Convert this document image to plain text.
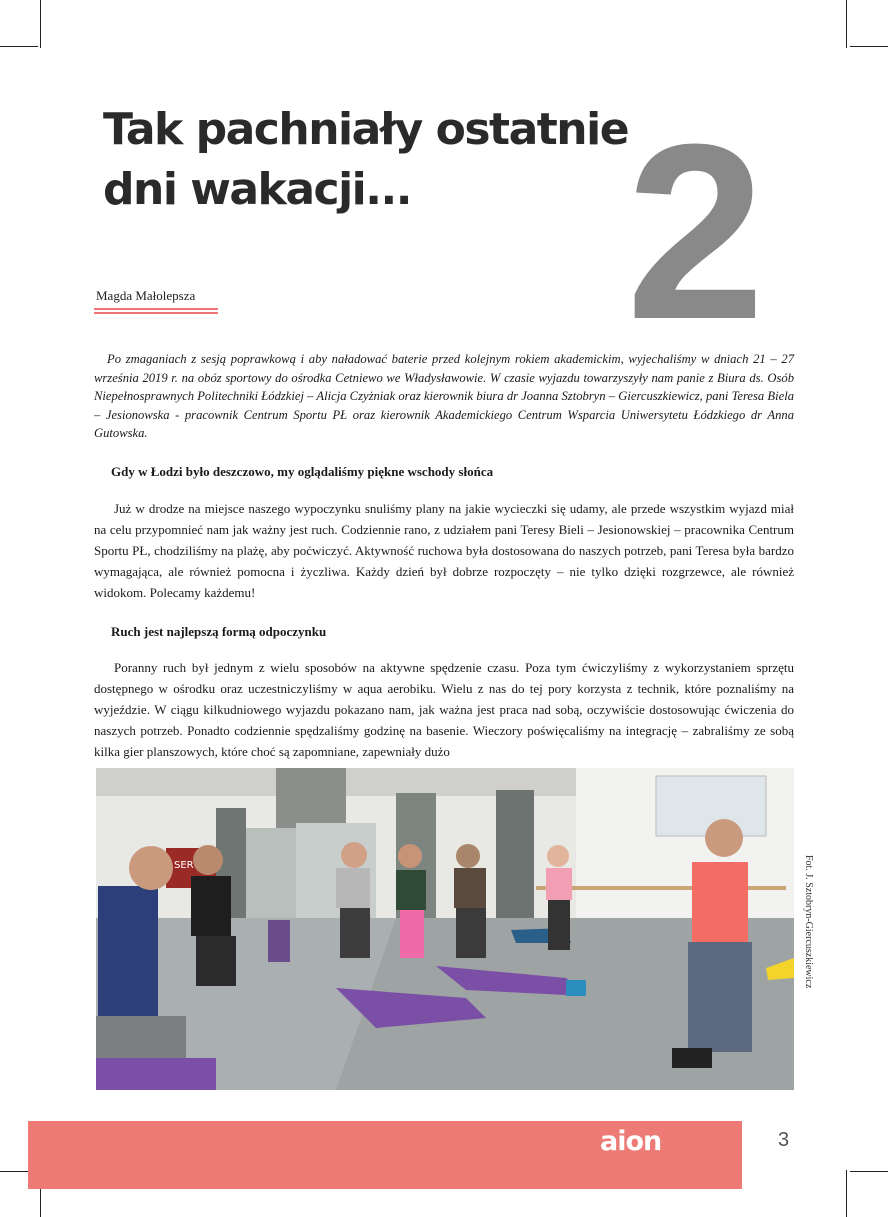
Tak pachniały ostatnie
dni wakacji... 2
Magda Małolepsza

Po zmaganiach z sesją poprawkową i aby naładować baterie przed kolejnym rokiem akademickim, wyjechaliśmy w dniach 21 – 27 września 2019 r. na obóz sportowy do ośrodka Cetniewo we Władysławowie. W czasie wyjazdu towarzyszyły nam panie z Biura ds. Osób Niepełnosprawnych Politechniki Łódzkiej – Alicja Czyżniak oraz kierownik biura dr Joanna Sztobryn – Giercuszkiewicz, pani Teresa Biela – Jesionowska - pracownik Centrum Sportu PŁ oraz kierownik Akademickiego Centrum Wsparcia Uniwersytetu Łódzkiego dr Anna Gutowska.

Gdy w Łodzi było deszczowo, my oglądaliśmy piękne wschody słońca

Już w drodze na miejsce naszego wypoczynku snuliśmy plany na jakie wycieczki się udamy, ale przede wszystkim wyjazd miał na celu przypomnieć nam jak ważny jest ruch. Codziennie rano, z udziałem pani Teresy Bieli – Jesionowskiej – pracownika Centrum Sportu PŁ, chodziliśmy na plażę, aby poćwiczyć. Aktywność ruchowa była dostosowana do naszych potrzeb, pani Teresa była bardzo wymagająca, ale również pomocna i życzliwa. Każdy dzień był dobrze rozpoczęty – nie tylko dzięki rozgrzewce, ale również widokom. Polecamy każdemu!

Ruch jest najlepszą formą odpoczynku

Poranny ruch był jednym z wielu sposobów na aktywne spędzenie czasu. Poza tym ćwiczyliśmy z wykorzystaniem sprzętu dostępnego w ośrodku oraz uczestniczyliśmy w aqua aerobiku. Wielu z nas do tej pory korzysta z technik, które poznaliśmy na wyjeździe. W ciągu kilkudniowego wyjazdu pokazano nam, jak ważna jest praca nad sobą, oczywiście dostosowując ćwiczenia do naszych potrzeb. Ponadto codziennie spędzaliśmy godzinę na basenie. Wieczory poświęcaliśmy na integrację – zabraliśmy ze sobą kilka gier planszowych, które choć są zapomniane, zapewniały dużo

SER	Fot. J. Sztobryn-Giercuszkiewicz
aion	3
